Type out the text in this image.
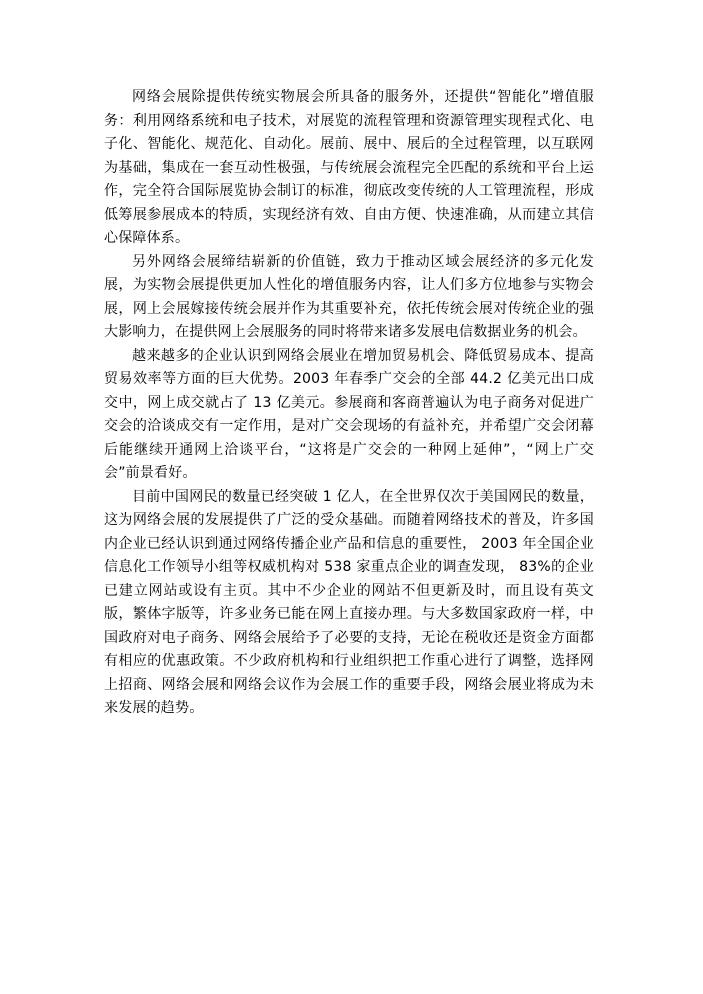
网络会展除提供传统实物展会所具备的服务外，还提供“智能化”增值服务：利用网络系统和电子技术，对展览的流程管理和资源管理实现程式化、电子化、智能化、规范化、自动化。展前、展中、展后的全过程管理，以互联网为基础，集成在一套互动性极强，与传统展会流程完全匹配的系统和平台上运作，完全符合国际展览协会制订的标准，彻底改变传统的人工管理流程，形成低筹展参展成本的特质，实现经济有效、自由方便、快速准确，从而建立其信心保障体系。

另外网络会展缔结崭新的价值链，致力于推动区域会展经济的多元化发展，为实物会展提供更加人性化的增值服务内容，让人们多方位地参与实物会展，网上会展嫁接传统会展并作为其重要补充，依托传统会展对传统企业的强大影响力，在提供网上会展服务的同时将带来诸多发展电信数据业务的机会。

越来越多的企业认识到网络会展业在增加贸易机会、降低贸易成本、提高贸易效率等方面的巨大优势。2003 年春季广交会的全部 44.2 亿美元出口成交中，网上成交就占了 13 亿美元。参展商和客商普遍认为电子商务对促进广交会的洽谈成交有一定作用，是对广交会现场的有益补充，并希望广交会闭幕后能继续开通网上洽谈平台，“这将是广交会的一种网上延伸”，“网上广交会”前景看好。

目前中国网民的数量已经突破 1 亿人，在全世界仅次于美国网民的数量，这为网络会展的发展提供了广泛的受众基础。而随着网络技术的普及，许多国内企业已经认识到通过网络传播企业产品和信息的重要性， 2003 年全国企业信息化工作领导小组等权威机构对 538 家重点企业的调查发现， 83%的企业已建立网站或设有主页。其中不少企业的网站不但更新及时，而且设有英文版，繁体字版等，许多业务已能在网上直接办理。与大多数国家政府一样，中国政府对电子商务、网络会展给予了必要的支持，无论在税收还是资金方面都有相应的优惠政策。不少政府机构和行业组织把工作重心进行了调整，选择网上招商、网络会展和网络会议作为会展工作的重要手段，网络会展业将成为未来发展的趋势。
